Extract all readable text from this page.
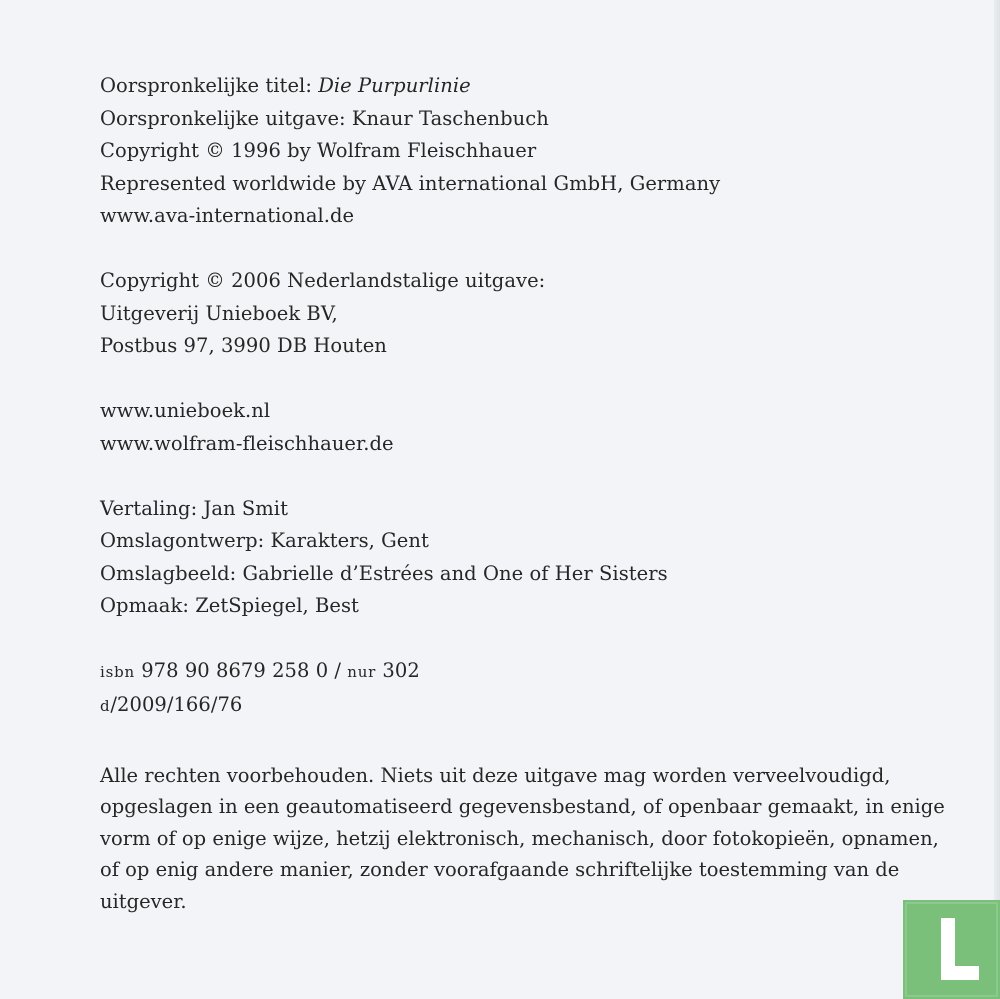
Oorspronkelijke titel: Die Purpurlinie
Oorspronkelijke uitgave: Knaur Taschenbuch
Copyright © 1996 by Wolfram Fleischhauer
Represented worldwide by AVA international GmbH, Germany
www.ava-international.de
Copyright © 2006 Nederlandstalige uitgave:
Uitgeverij Unieboek BV,
Postbus 97, 3990 DB Houten
www.unieboek.nl
www.wolfram-fleischhauer.de
Vertaling: Jan Smit
Omslagontwerp: Karakters, Gent
Omslagbeeld: Gabrielle d’Estrées and One of Her Sisters
Opmaak: ZetSpiegel, Best
isbn 978 90 8679 258 0 / nur 302
d/2009/166/76
Alle rechten voorbehouden. Niets uit deze uitgave mag worden verveelvoudigd,
opgeslagen in een geautomatiseerd gegevensbestand, of openbaar gemaakt, in enige
vorm of op enige wijze, hetzij elektronisch, mechanisch, door fotokopieën, opnamen,
of op enig andere manier, zonder voorafgaande schriftelijke toestemming van de
uitgever.
